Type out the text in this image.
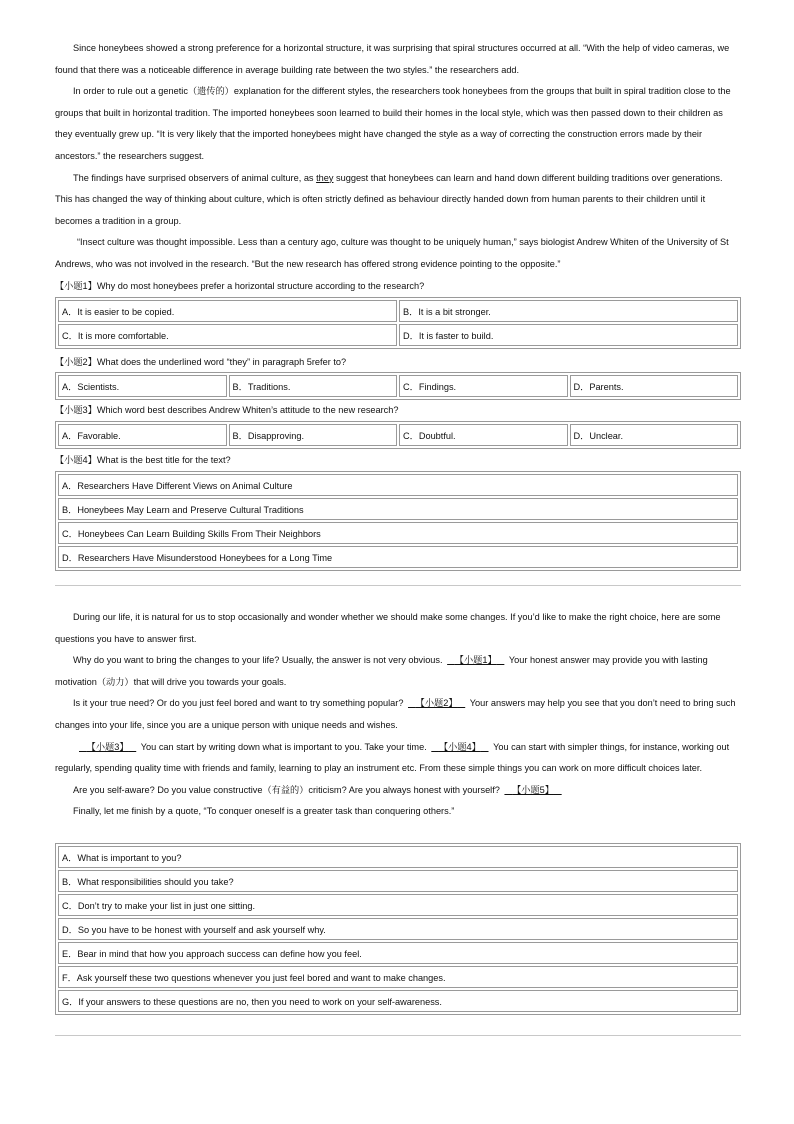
Since honeybees showed a strong preference for a horizontal structure, it was surprising that spiral structures occurred at all. “With the help of video cameras, we found that there was a noticeable difference in average building rate between the two styles.” the researchers add.

In order to rule out a genetic（遗传的）explanation for the different styles, the researchers took honeybees from the groups that built in spiral tradition close to the groups that built in horizontal tradition. The imported honeybees soon learned to build their homes in the local style, which was then passed down to their children as they eventually grew up. “It is very likely that the imported honeybees might have changed the style as a way of correcting the construction errors made by their ancestors.” the researchers suggest.

The findings have surprised observers of animal culture, as they suggest that honeybees can learn and hand down different building traditions over generations. This has changed the way of thinking about culture, which is often strictly defined as behaviour directly handed down from human parents to their children until it becomes a tradition in a group.

“Insect culture was thought impossible. Less than a century ago, culture was thought to be uniquely human,” says biologist Andrew Whiten of the University of St Andrews, who was not involved in the research. “But the new research has offered strong evidence pointing to the opposite.”

【小题1】Why do most honeybees prefer a horizontal structure according to the research?

A．It is easier to be copied.	B．It is a bit stronger.
C．It is more comfortable.	D．It is faster to build.

【小题2】What does the underlined word “they” in paragraph 5refer to?

A．Scientists.	B．Traditions.	C．Findings.	D．Parents.

【小题3】Which word best describes Andrew Whiten’s attitude to the new research?

A．Favorable.	B．Disapproving.	C．Doubtful.	D．Unclear.

【小题4】What is the best title for the text?

A．Researchers Have Different Views on Animal Culture
B．Honeybees May Learn and Preserve Cultural Traditions
C．Honeybees Can Learn Building Skills From Their Neighbors
D．Researchers Have Misunderstood Honeybees for a Long Time

During our life, it is natural for us to stop occasionally and wonder whether we should make some changes. If you’d like to make the right choice, here are some questions you have to answer first.

Why do you want to bring the changes to your life? Usually, the answer is not very obvious.    【小题1】    Your honest answer may provide you with lasting motivation（动力）that will drive you towards your goals.

Is it your true need? Or do you just feel bored and want to try something popular?    【小题2】    Your answers may help you see that you don’t need to bring such changes into your life, since you are a unique person with unique needs and wishes.

【小题3】    You can start by writing down what is important to you. Take your time.    【小题4】    You can start with simpler things, for instance, working out regularly, spending quality time with friends and family, learning to play an instrument etc. From these simple things you can work on more difficult choices later.

Are you self-aware? Do you value constructive（有益的）criticism? Are you always honest with yourself?    【小题5】

Finally, let me finish by a quote, “To conquer oneself is a greater task than conquering others.”

A．What is important to you?
B．What responsibilities should you take?
C．Don’t try to make your list in just one sitting.
D．So you have to be honest with yourself and ask yourself why.
E．Bear in mind that how you approach success can define how you feel.
F．Ask yourself these two questions whenever you just feel bored and want to make changes.
G．If your answers to these questions are no, then you need to work on your self-awareness.
